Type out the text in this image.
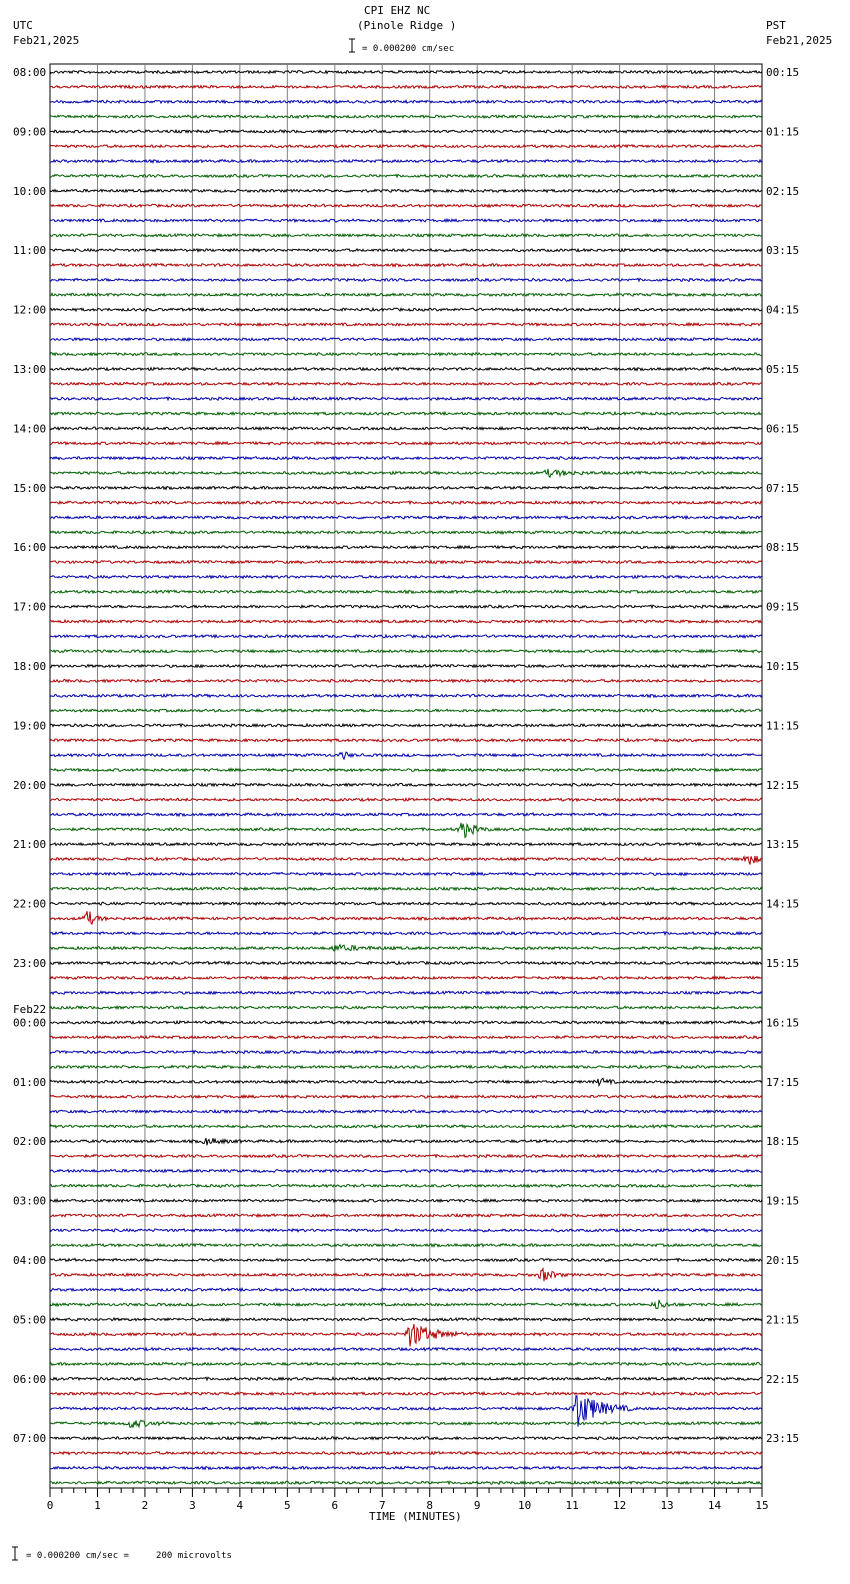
CPI EHZ NC
(Pinole Ridge )
UTC
Feb21,2025
PST
Feb21,2025
= 0.000200 cm/sec
Feb22
TIME (MINUTES)
= 0.000200 cm/sec =     200 microvolts
08:00
09:00
10:00
11:00
12:00
13:00
14:00
15:00
16:00
17:00
18:00
19:00
20:00
21:00
22:00
23:00
00:00
01:00
02:00
03:00
04:00
05:00
06:00
07:00
00:15
01:15
02:15
03:15
04:15
05:15
06:15
07:15
08:15
09:15
10:15
11:15
12:15
13:15
14:15
15:15
16:15
17:15
18:15
19:15
20:15
21:15
22:15
23:15
0	1	2	3	4	5	6	7	8	9	10	11	12	13	14	15
